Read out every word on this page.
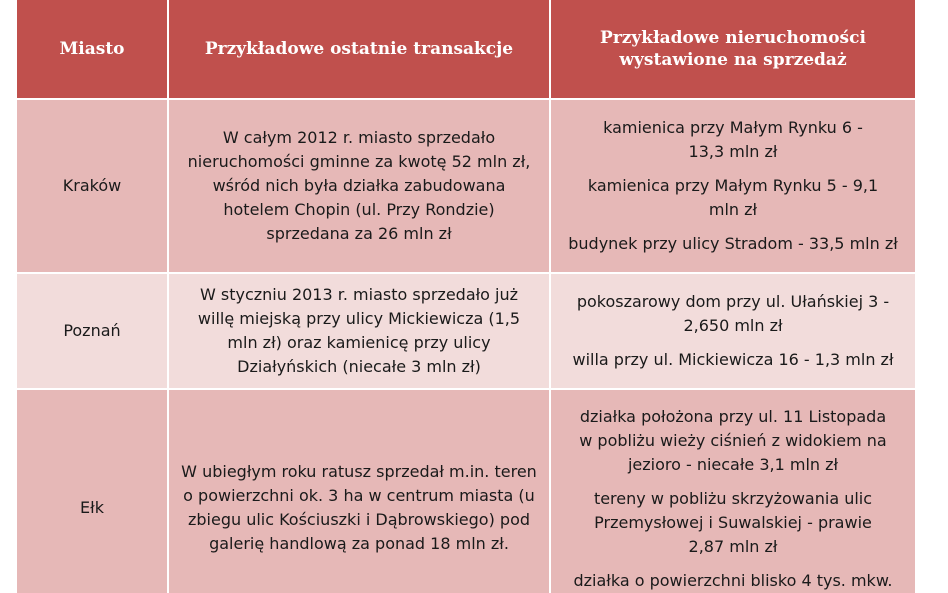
Miasto	Przykładowe ostatnie transakcje
Przykładowe nieruchomości wystawione na sprzedaż
Kraków
W całym 2012 r. miasto sprzedało nieruchomości gminne za kwotę 52 mln zł, wśród nich była działka zabudowana hotelem Chopin (ul. Przy Rondzie) sprzedana za 26 mln zł
kamienica przy Małym Rynku 6 - 13,3 mln zł
kamienica przy Małym Rynku 5 - 9,1 mln zł
budynek przy ulicy Stradom - 33,5 mln zł
Poznań
W styczniu 2013 r. miasto sprzedało już willę miejską przy ulicy Mickiewicza (1,5 mln zł) oraz kamienicę przy ulicy Działyńskich (niecałe 3 mln zł)
pokoszarowy dom przy ul. Ułańskiej 3 - 2,650 mln zł
willa przy ul. Mickiewicza 16 - 1,3 mln zł
Ełk
W ubiegłym roku ratusz sprzedał m.in. teren o powierzchni ok. 3 ha w centrum miasta (u zbiegu ulic Kościuszki i Dąbrowskiego) pod galerię handlową za ponad 18 mln zł.
działka położona przy ul. 11 Listopada w pobliżu wieży ciśnień z widokiem na jezioro - niecałe 3,1 mln zł
tereny w pobliżu skrzyżowania ulic Przemysłowej i Suwalskiej - prawie 2,87 mln zł
działka o powierzchni blisko 4 tys. mkw.
